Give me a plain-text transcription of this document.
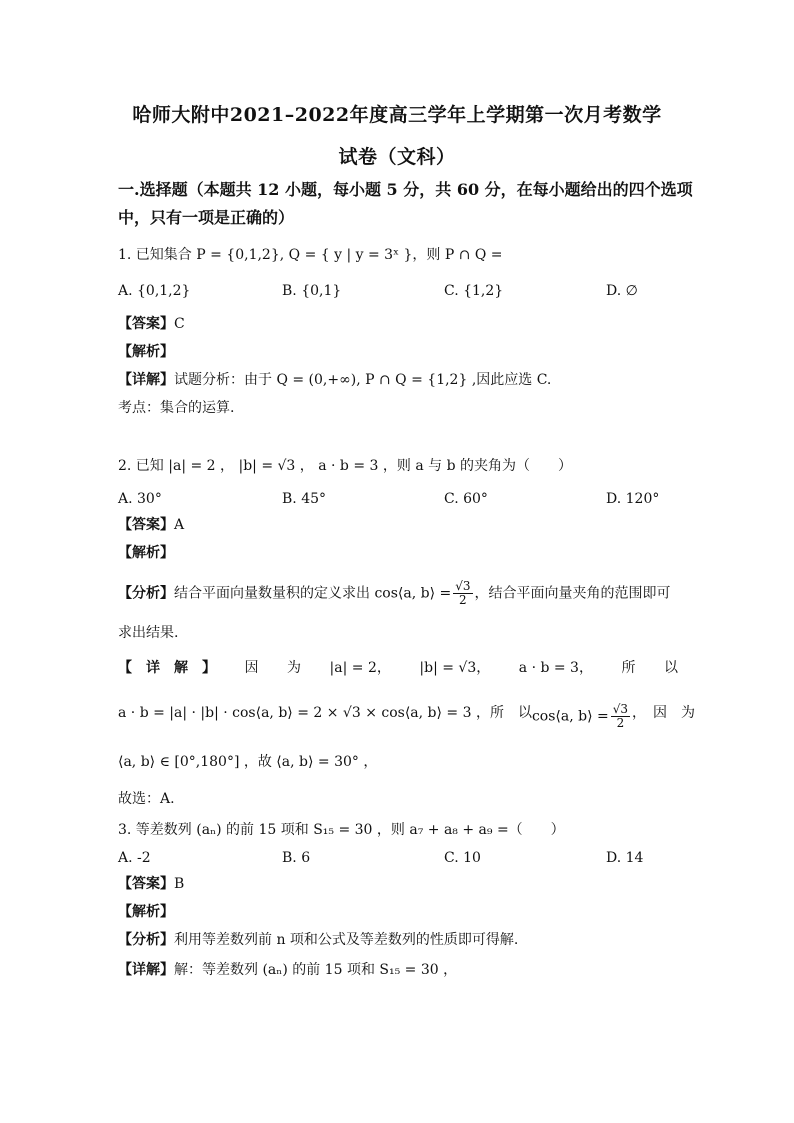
哈师大附中2021–2022年度高三学年上学期第一次月考数学
试卷（文科）
一.选择题（本题共 12 小题，每小题 5 分，共 60 分，在每小题给出的四个选项
中，只有一项是正确的）
1. 已知集合 P = {0,1,2}, Q = { y | y = 3ˣ }，则 P ∩ Q =
A. {0,1,2}	B. {0,1}	C. {1,2}	D. ∅
【答案】C
【解析】
【详解】试题分析：由于 Q = (0,+∞), P ∩ Q = {1,2} ,因此应选 C.
考点：集合的运算.
2. 已知 |a| = 2 ， |b| = √3 ， a · b = 3 ，则 a 与 b 的夹角为（　　）
A. 30°	B. 45°	C. 60°	D. 120°
【答案】A
【解析】
【分析】结合平面向量数量积的定义求出 cos⟨a, b⟩ = $\frac{√3}{2}$ ，结合平面向量夹角的范围即可
求出结果.
【　详　解　】 因 为 |a| = 2， |b| = √3， a · b = 3， 所 以
a · b = |a| · |b| · cos⟨a, b⟩ = 2 × √3 × cos⟨a, b⟩ = 3 ， 所　以 cos⟨a, b⟩ = $\frac{√3}{2}$ ，　因　为
⟨a, b⟩ ∈ [0°,180°] ，故 ⟨a, b⟩ = 30° ，
故选：A.
3. 等差数列 (aₙ) 的前 15 项和 S₁₅ = 30 ，则 a₇ + a₈ + a₉ =（　　）
A. -2	B. 6	C. 10	D. 14
【答案】B
【解析】
【分析】利用等差数列前 n 项和公式及等差数列的性质即可得解.
【详解】解：等差数列 (aₙ) 的前 15 项和 S₁₅ = 30 ，
